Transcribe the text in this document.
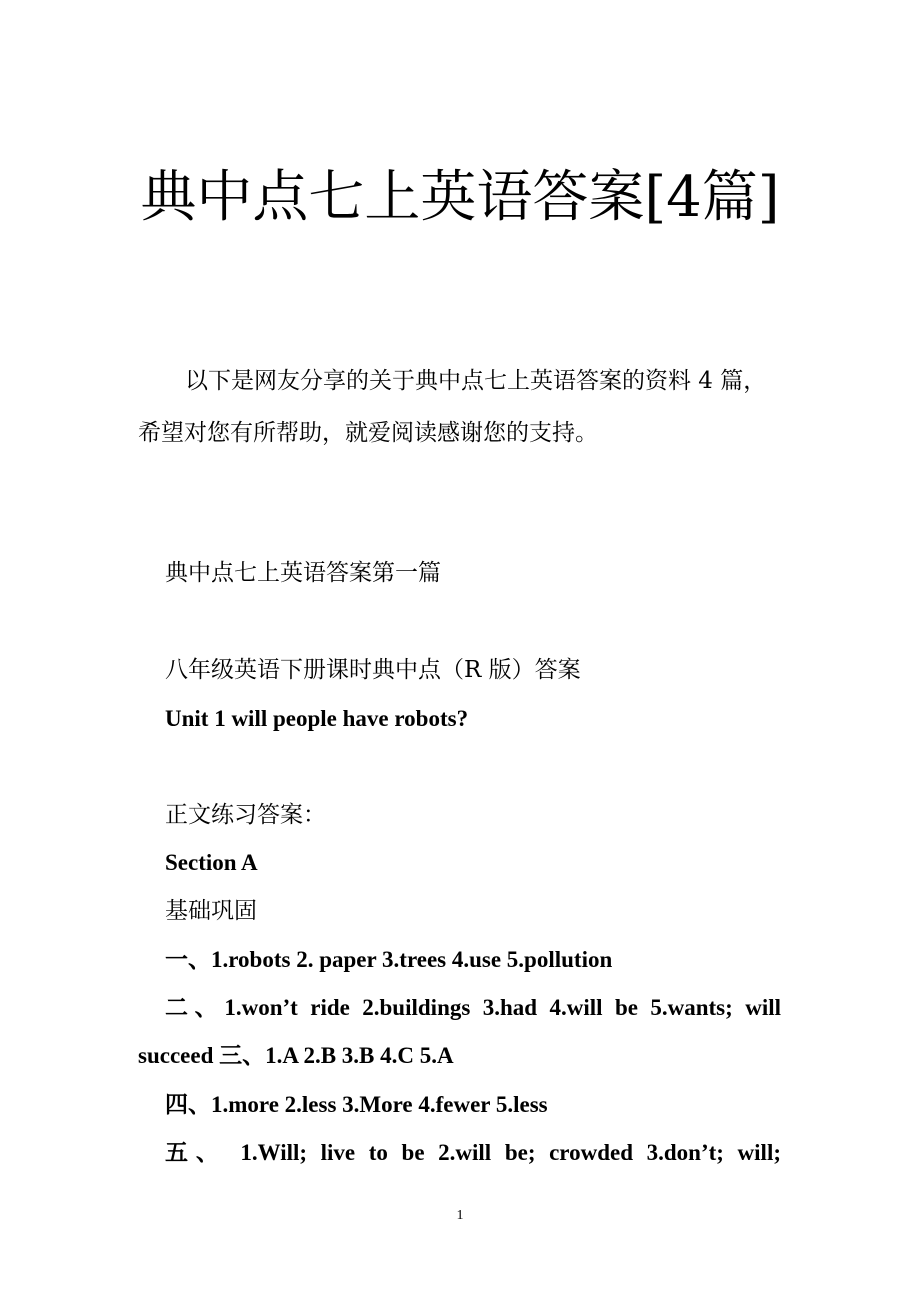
典中点七上英语答案[4篇]
以下是网友分享的关于典中点七上英语答案的资料 4 篇，
希望对您有所帮助，就爱阅读感谢您的支持。
典中点七上英语答案第一篇
八年级英语下册课时典中点（R 版）答案
Unit 1 will people have robots?
正文练习答案：
Section A
基础巩固
一、1.robots 2. paper 3.trees 4.use 5.pollution
二、1.won’t ride 2.buildings 3.had 4.will be 5.wants; will
succeed 三、1.A 2.B 3.B 4.C 5.A
四、1.more 2.less 3.More 4.fewer 5.less
五、 1.Will; live to be 2.will be; crowded 3.don’t; will;
1
